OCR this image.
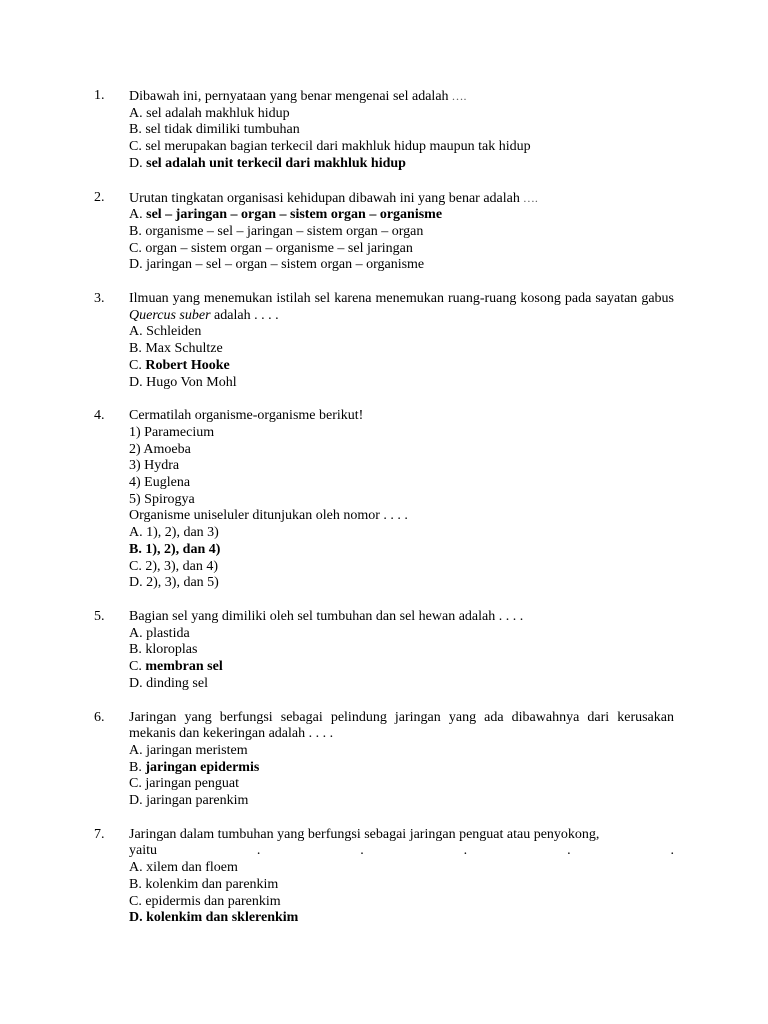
1. Dibawah ini, pernyataan yang benar mengenai sel adalah ….
A. sel adalah makhluk hidup
B. sel tidak dimiliki tumbuhan
C. sel merupakan bagian terkecil dari makhluk hidup maupun tak hidup
D. sel adalah unit terkecil dari makhluk hidup
2. Urutan tingkatan organisasi kehidupan dibawah ini yang benar adalah ….
A. sel – jaringan – organ – sistem organ – organisme
B. organisme – sel – jaringan – sistem organ – organ
C. organ – sistem organ – organisme – sel jaringan
D. jaringan – sel – organ – sistem organ – organisme
3. Ilmuan yang menemukan istilah sel karena menemukan ruang-ruang kosong pada sayatan gabus Quercus suber adalah . . . .
A. Schleiden
B. Max Schultze
C. Robert Hooke
D. Hugo Von Mohl
4. Cermatilah organisme-organisme berikut!
1) Paramecium
2) Amoeba
3) Hydra
4) Euglena
5) Spirogya
Organisme uniseluler ditunjukan oleh nomor . . . .
A. 1), 2), dan 3)
B. 1), 2), dan 4)
C. 2), 3), dan 4)
D. 2), 3), dan 5)
5. Bagian sel yang dimiliki oleh sel tumbuhan dan sel hewan adalah . . . .
A. plastida
B. kloroplas
C. membran sel
D. dinding sel
6. Jaringan yang berfungsi sebagai pelindung jaringan yang ada dibawahnya dari kerusakan mekanis dan kekeringan adalah . . . .
A. jaringan meristem
B. jaringan epidermis
C. jaringan penguat
D. jaringan parenkim
7. Jaringan dalam tumbuhan yang berfungsi sebagai jaringan penguat atau penyokong,
yaitu	.	.	.	.	.
A. xilem dan floem
B. kolenkim dan parenkim
C. epidermis dan parenkim
D. kolenkim dan sklerenkim
